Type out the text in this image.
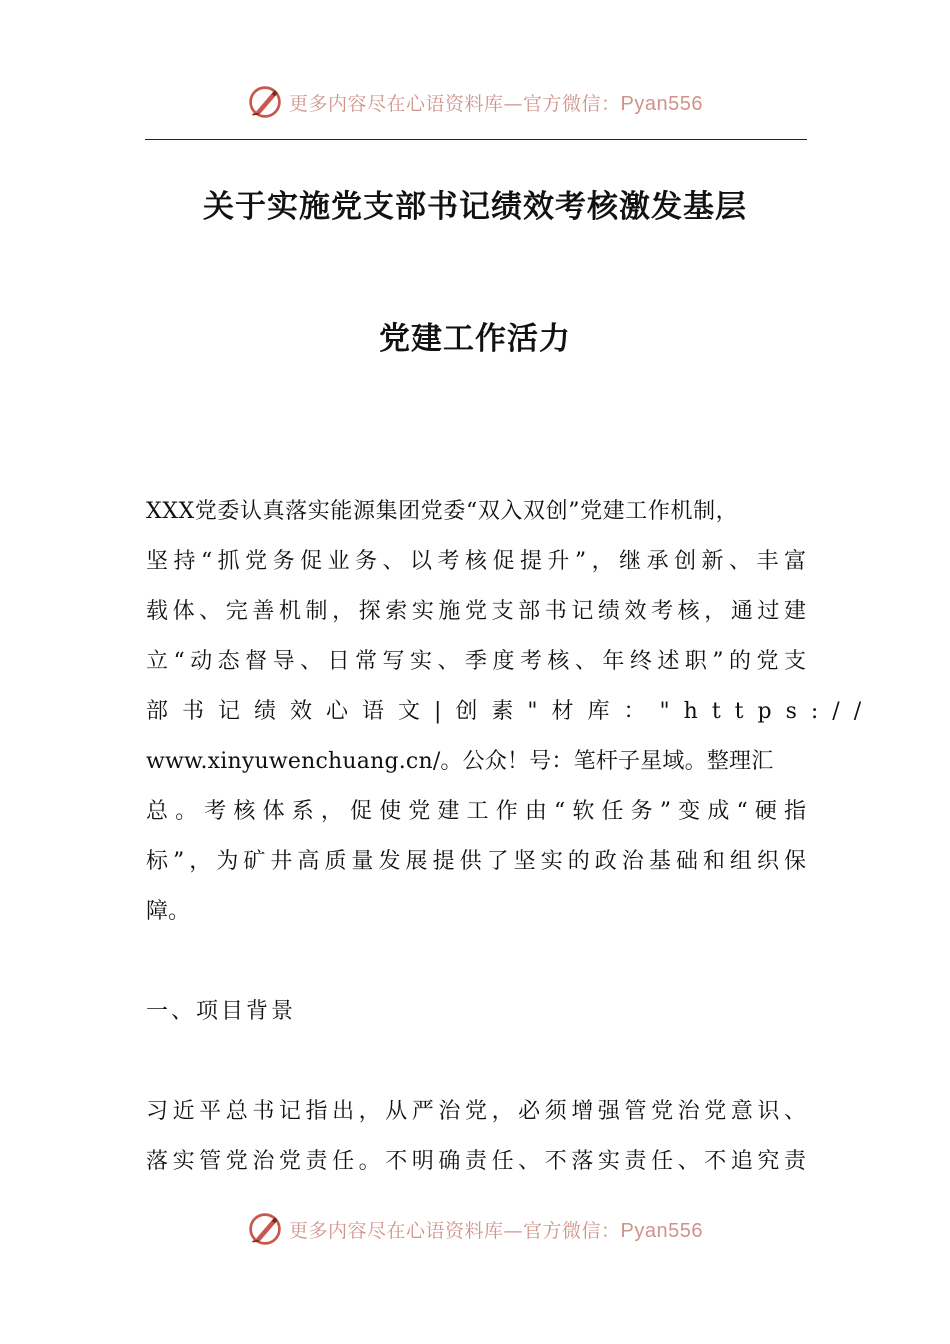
更多内容尽在心语资料库—官方微信：Pyan556
关于实施党支部书记绩效考核激发基层
党建工作活力
XXX党委认真落实能源集团党委“双入双创”党建工作机制，
坚持“抓党务促业务、以考核促提升”，继承创新、丰富
载体、完善机制，探索实施党支部书记绩效考核，通过建
立“动态督导、日常写实、季度考核、年终述职”的党支
部书记绩效心语文|创素"材库："https://
www.xinyuwenchuang.cn/。公众！号：笔杆子星域。整理汇
总。考核体系，促使党建工作由“软任务”变成“硬指
标”，为矿井高质量发展提供了坚实的政治基础和组织保
障。
一、项目背景
习近平总书记指出，从严治党，必须增强管党治党意识、
落实管党治党责任。不明确责任、不落实责任、不追究责
更多内容尽在心语资料库—官方微信：Pyan556
